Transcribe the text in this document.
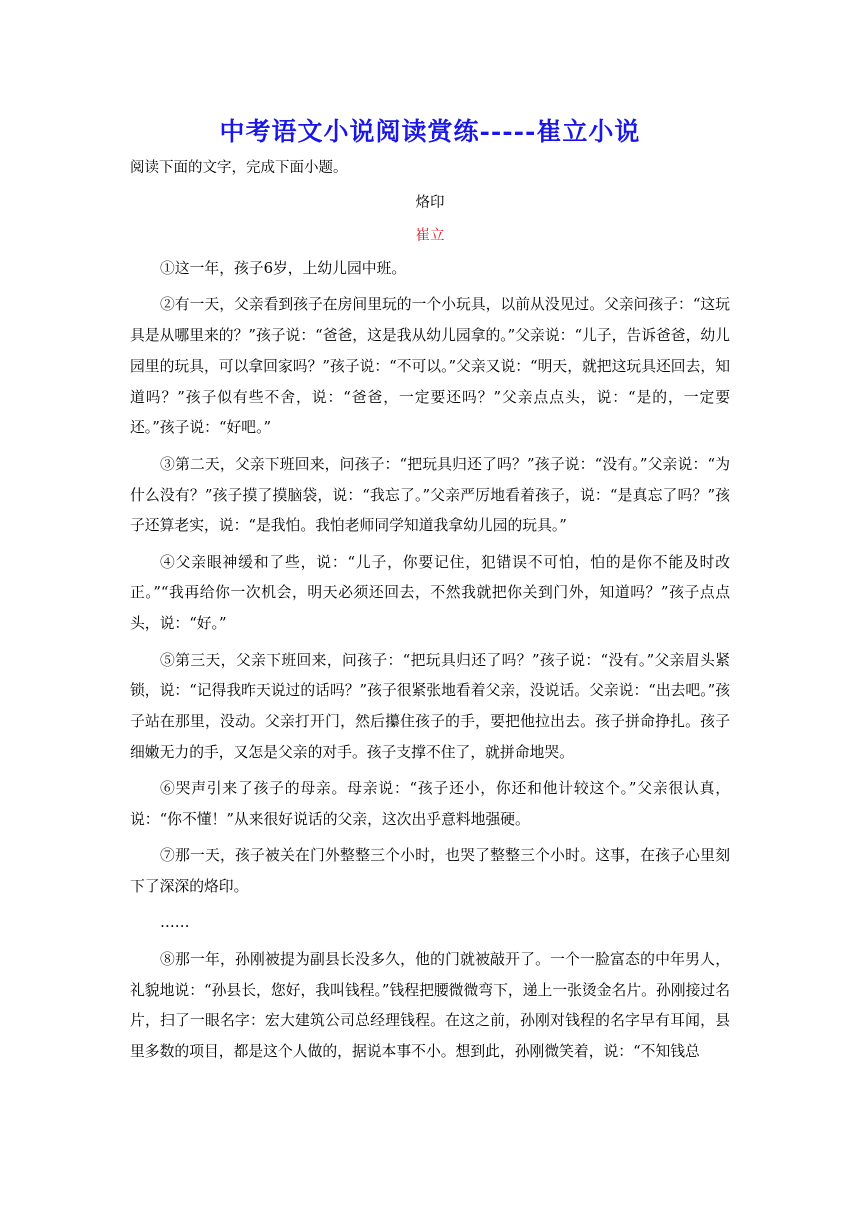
中考语文小说阅读赏练-----崔立小说
阅读下面的文字，完成下面小题。
烙印
崔立

①这一年，孩子6岁，上幼儿园中班。

②有一天，父亲看到孩子在房间里玩的一个小玩具，以前从没见过。父亲问孩子：“这玩具是从哪里来的？”孩子说：“爸爸，这是我从幼儿园拿的。”父亲说：“儿子，告诉爸爸，幼儿园里的玩具，可以拿回家吗？”孩子说：“不可以。”父亲又说：“明天，就把这玩具还回去，知道吗？”孩子似有些不舍，说：“爸爸，一定要还吗？”父亲点点头，说：“是的，一定要还。”孩子说：“好吧。”

③第二天，父亲下班回来，问孩子：“把玩具归还了吗？”孩子说：“没有。”父亲说：“为什么没有？”孩子摸了摸脑袋，说：“我忘了。”父亲严厉地看着孩子，说：“是真忘了吗？”孩子还算老实，说：“是我怕。我怕老师同学知道我拿幼儿园的玩具。”

④父亲眼神缓和了些，说：“儿子，你要记住，犯错误不可怕，怕的是你不能及时改正。”“我再给你一次机会，明天必须还回去，不然我就把你关到门外，知道吗？”孩子点点头，说：“好。”

⑤第三天，父亲下班回来，问孩子：“把玩具归还了吗？”孩子说：“没有。”父亲眉头紧锁，说：“记得我昨天说过的话吗？”孩子很紧张地看着父亲，没说话。父亲说：“出去吧。”孩子站在那里，没动。父亲打开门，然后攥住孩子的手，要把他拉出去。孩子拼命挣扎。孩子细嫩无力的手，又怎是父亲的对手。孩子支撑不住了，就拼命地哭。

⑥哭声引来了孩子的母亲。母亲说：“孩子还小，你还和他计较这个。”父亲很认真，说：“你不懂！”从来很好说话的父亲，这次出乎意料地强硬。

⑦那一天，孩子被关在门外整整三个小时，也哭了整整三个小时。这事，在孩子心里刻下了深深的烙印。

……

⑧那一年，孙刚被提为副县长没多久，他的门就被敲开了。一个一脸富态的中年男人，礼貌地说：“孙县长，您好，我叫钱程。”钱程把腰微微弯下，递上一张烫金名片。孙刚接过名片，扫了一眼名字：宏大建筑公司总经理钱程。在这之前，孙刚对钱程的名字早有耳闻，县里多数的项目，都是这个人做的，据说本事不小。想到此，孙刚微笑着，说：“不知钱总
